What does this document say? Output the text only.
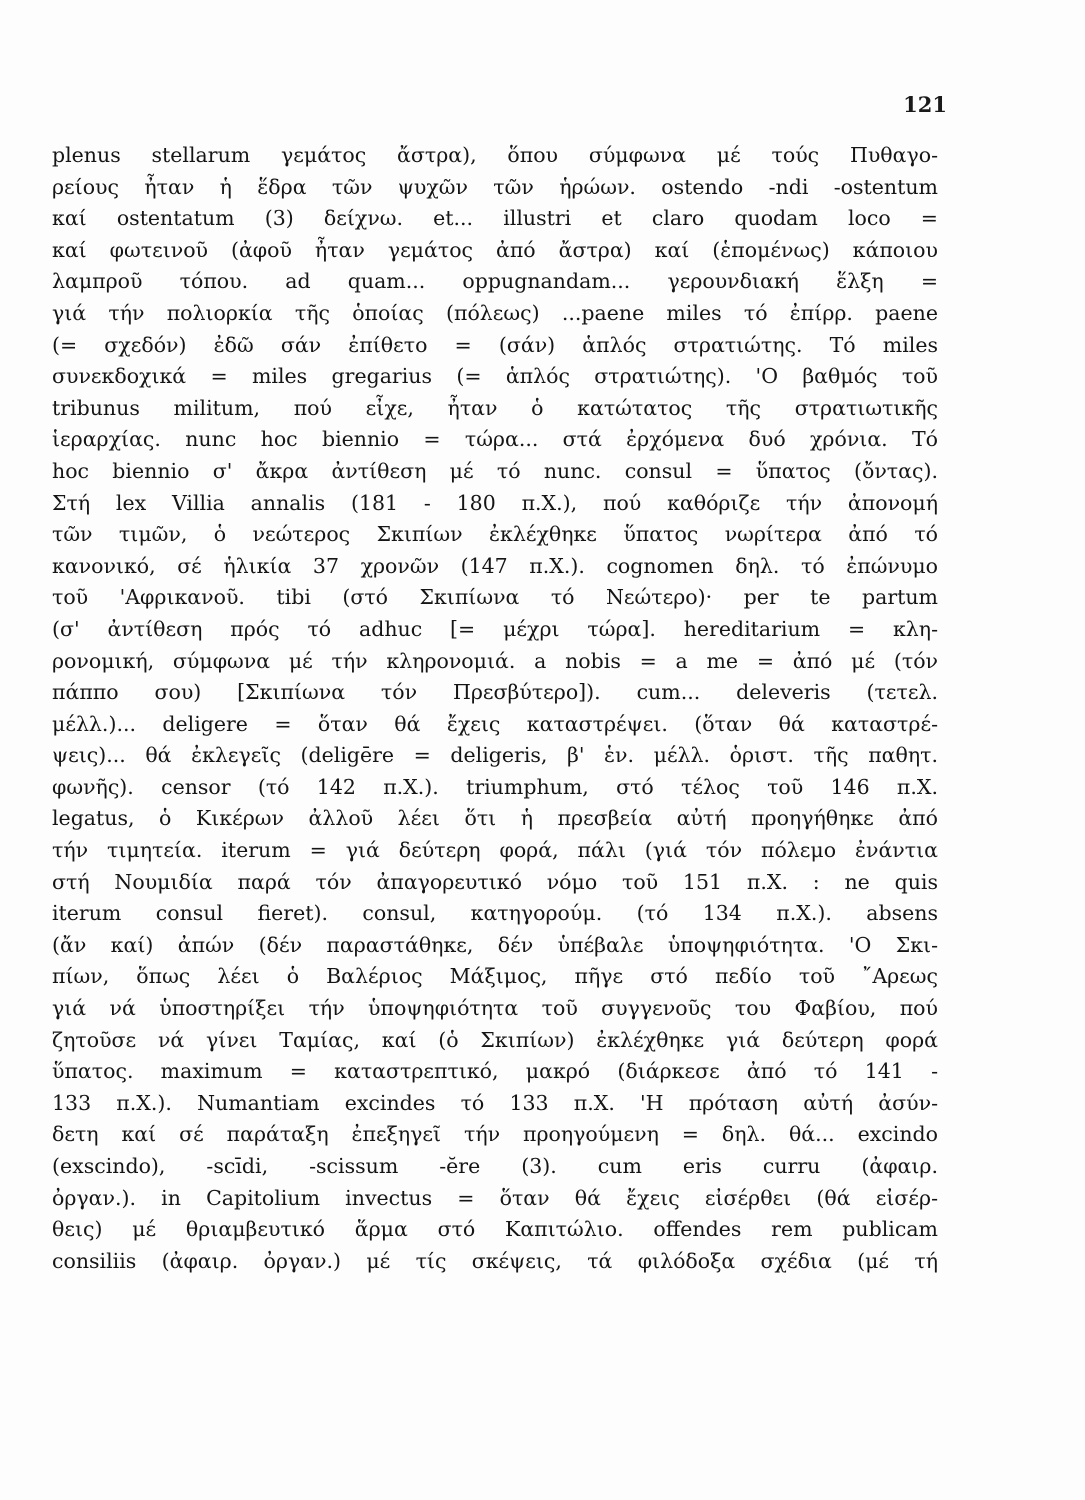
121
plenus stellarum γεμάτος ἄστρα), ὅπου σύμφωνα μέ τούς Πυθαγο-
ρείους ἦταν ἡ ἕδρα τῶν ψυχῶν τῶν ἡρώων. ostendo -ndi -ostentum
καί ostentatum (3) δείχνω. et... illustri et claro quodam loco =
καί φωτεινοῦ (ἀφοῦ ἦταν γεμάτος ἀπό ἄστρα) καί (ἑπομένως) κάποιου
λαμπροῦ τόπου. ad quam... oppugnandam... γερουνδιακή ἕλξη =
γιά τήν πολιορκία τῆς ὁποίας (πόλεως) ...paene miles τό ἐπίρρ. paene
(= σχεδόν) ἐδῶ σάν ἐπίθετο = (σάν) ἁπλός στρατιώτης. Τό miles
συνεκδοχικά = miles gregarius (= ἁπλός στρατιώτης). 'Ο βαθμός τοῦ
tribunus militum, πού εἶχε, ἦταν ὁ κατώτατος τῆς στρατιωτικῆς
ἱεραρχίας. nunc hoc biennio = τώρα... στά ἐρχόμενα δυό χρόνια. Τό
hoc biennio σ' ἄκρα ἀντίθεση μέ τό nunc. consul = ὕπατος (ὄντας).
Στή lex Villia annalis (181 - 180 π.Χ.), πού καθόριζε τήν ἀπονομή
τῶν τιμῶν, ὁ νεώτερος Σκιπίων ἐκλέχθηκε ὕπατος νωρίτερα ἀπό τό
κανονικό, σέ ἡλικία 37 χρονῶν (147 π.Χ.). cognomen δηλ. τό ἐπώνυμο
τοῦ 'Αφρικανοῦ. tibi (στό Σκιπίωνα τό Νεώτερο)· per te partum
(σ' ἀντίθεση πρός τό adhuc [= μέχρι τώρα]. hereditarium = κλη-
ρονομική, σύμφωνα μέ τήν κληρονομιά. a nobis = a me = ἀπό μέ (τόν
πάππο σου) [Σκιπίωνα τόν Πρεσβύτερο]). cum... deleveris (τετελ.
μέλλ.)... deligere = ὅταν θά ἔχεις καταστρέψει. (ὅταν θά καταστρέ-
ψεις)... θά ἐκλεγεῖς (deligēre = deligeris, β' ἑν. μέλλ. ὁριστ. τῆς παθητ.
φωνῆς). censor (τό 142 π.Χ.). triumphum, στό τέλος τοῦ 146 π.Χ.
legatus, ὁ Κικέρων ἀλλοῦ λέει ὅτι ἡ πρεσβεία αὐτή προηγήθηκε ἀπό
τήν τιμητεία. iterum = γιά δεύτερη φορά, πάλι (γιά τόν πόλεμο ἐνάντια
στή Νουμιδία παρά τόν ἀπαγορευτικό νόμο τοῦ 151 π.Χ. : ne quis
iterum consul fieret). consul, κατηγορούμ. (τό 134 π.Χ.). absens
(ἄν καί) ἀπών (δέν παραστάθηκε, δέν ὑπέβαλε ὑποψηφιότητα. 'Ο Σκι-
πίων, ὅπως λέει ὁ Βαλέριος Μάξιμος, πῆγε στό πεδίο τοῦ ῎Αρεως
γιά νά ὑποστηρίξει τήν ὑποψηφιότητα τοῦ συγγενοῦς του Φαβίου, πού
ζητοῦσε νά γίνει Ταμίας, καί (ὁ Σκιπίων) ἐκλέχθηκε γιά δεύτερη φορά
ὕπατος. maximum = καταστρεπτικό, μακρό (διάρκεσε ἀπό τό 141 -
133 π.Χ.). Numantiam excindes τό 133 π.Χ. 'Η πρόταση αὐτή ἀσύν-
δετη καί σέ παράταξη ἐπεξηγεῖ τήν προηγούμενη = δηλ. θά... excindo
(exscindo), -scīdi, -scissum -ĕre (3). cum eris curru (ἀφαιρ.
ὀργαν.). in Capitolium invectus = ὅταν θά ἔχεις εἰσέρθει (θά εἰσέρ-
θεις) μέ θριαμβευτικό ἅρμα στό Καπιτώλιο. offendes rem publicam
consiliis (ἀφαιρ. ὀργαν.) μέ τίς σκέψεις, τά φιλόδοξα σχέδια (μέ τή
